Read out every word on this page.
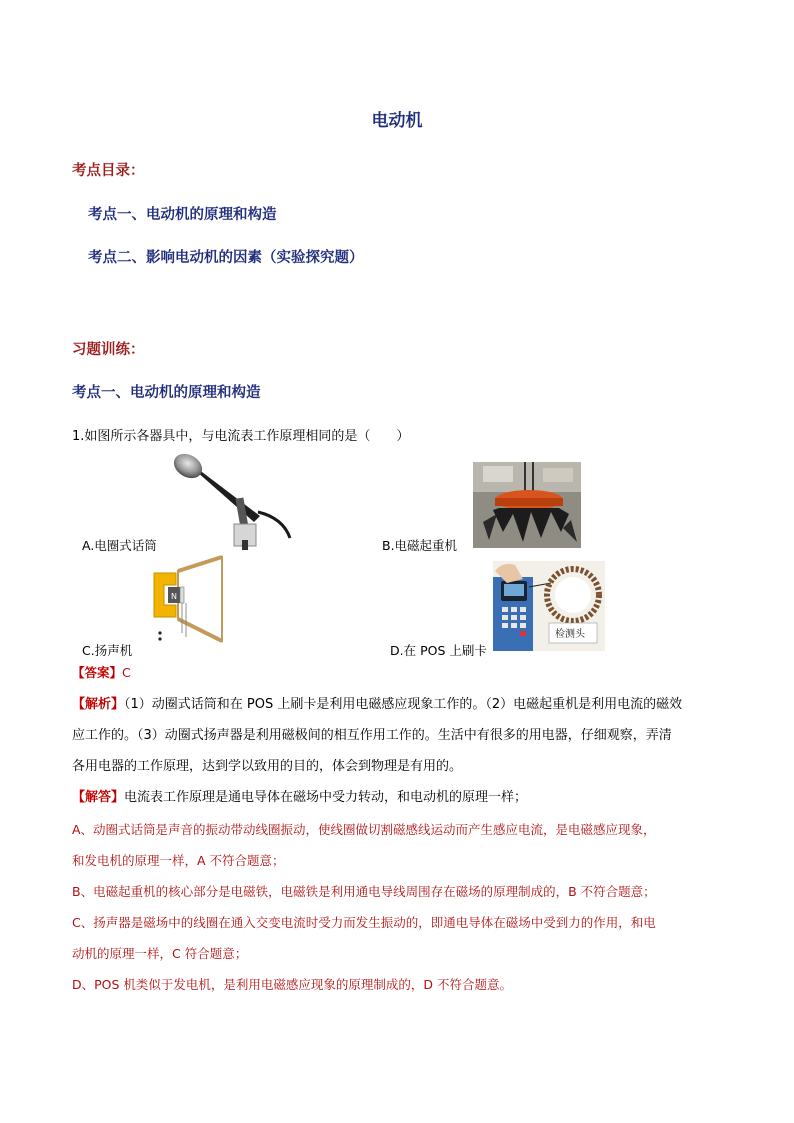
电动机
考点目录：
考点一、电动机的原理和构造
考点二、影响电动机的因素（实验探究题）
习题训练：
考点一、电动机的原理和构造
1.如图所示各器具中，与电流表工作原理相同的是（　　）
A.电圈式话筒	B.电磁起重机
N
C.扬声机
检测头
D.在 POS 上刷卡
【答案】C
【解析】（1）动圈式话筒和在 POS 上刷卡是利用电磁感应现象工作的。（2）电磁起重机是利用电流的磁效
应工作的。（3）动圈式扬声器是利用磁极间的相互作用工作的。生活中有很多的用电器，仔细观察，弄清
各用电器的工作原理，达到学以致用的目的，体会到物理是有用的。
【解答】电流表工作原理是通电导体在磁场中受力转动，和电动机的原理一样；
A、动圈式话筒是声音的振动带动线圈振动，使线圈做切割磁感线运动而产生感应电流，是电磁感应现象，
和发电机的原理一样，A 不符合题意；
B、电磁起重机的核心部分是电磁铁，电磁铁是利用通电导线周围存在磁场的原理制成的，B 不符合题意；
C、扬声器是磁场中的线圈在通入交变电流时受力而发生振动的，即通电导体在磁场中受到力的作用，和电
动机的原理一样，C 符合题意；
D、POS 机类似于发电机，是利用电磁感应现象的原理制成的，D 不符合题意。
